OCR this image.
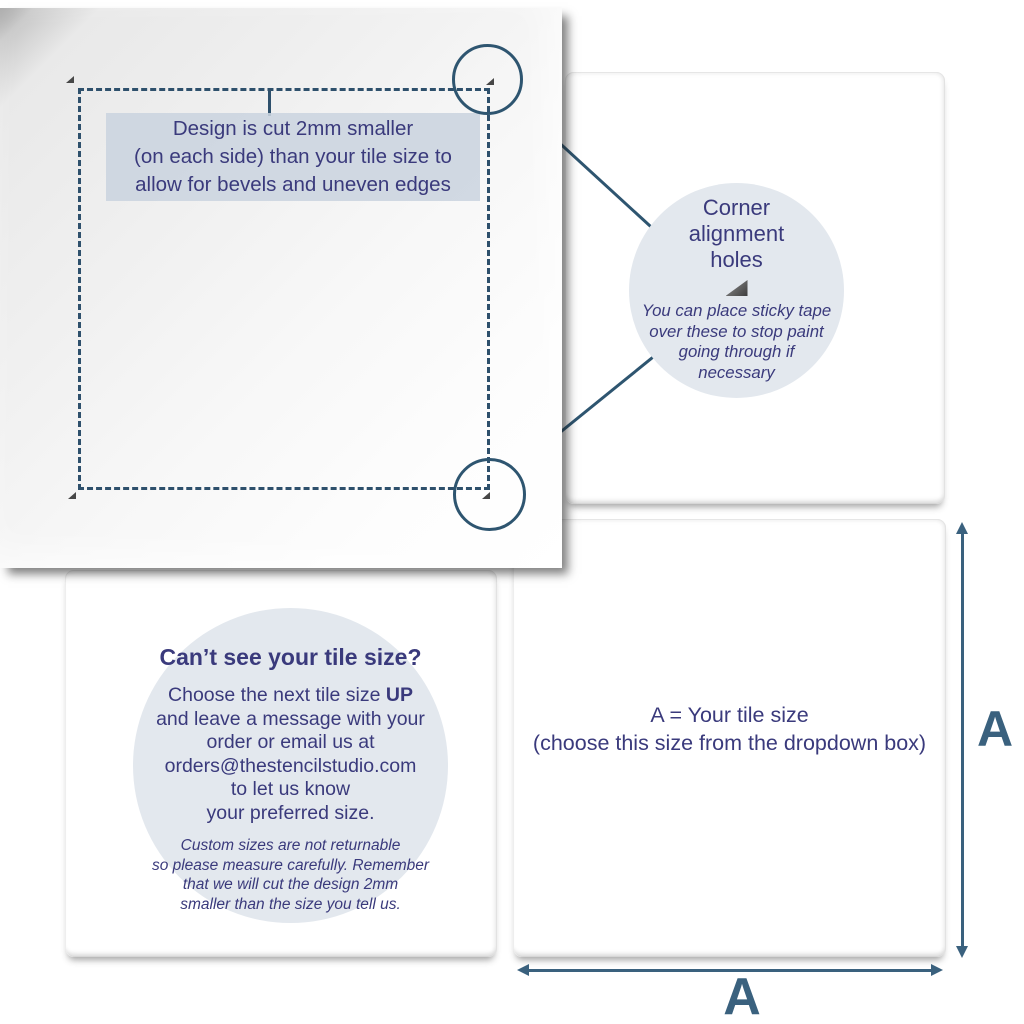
A = Your tile size
(choose this size from the dropdown box)
Design is cut 2mm smaller
(on each side) than your tile size to
allow for bevels and uneven edges
Corner
alignment
holes
You can place sticky tape
over these to stop paint
going through if
necessary
Can’t see your tile size?
Choose the next tile size UP
and leave a message with your
order or email us at
orders@thestencilstudio.com
to let us know
your preferred size.
Custom sizes are not returnable
so please measure carefully. Remember
that we will cut the design 2mm
smaller than the size you tell us.
A
A
